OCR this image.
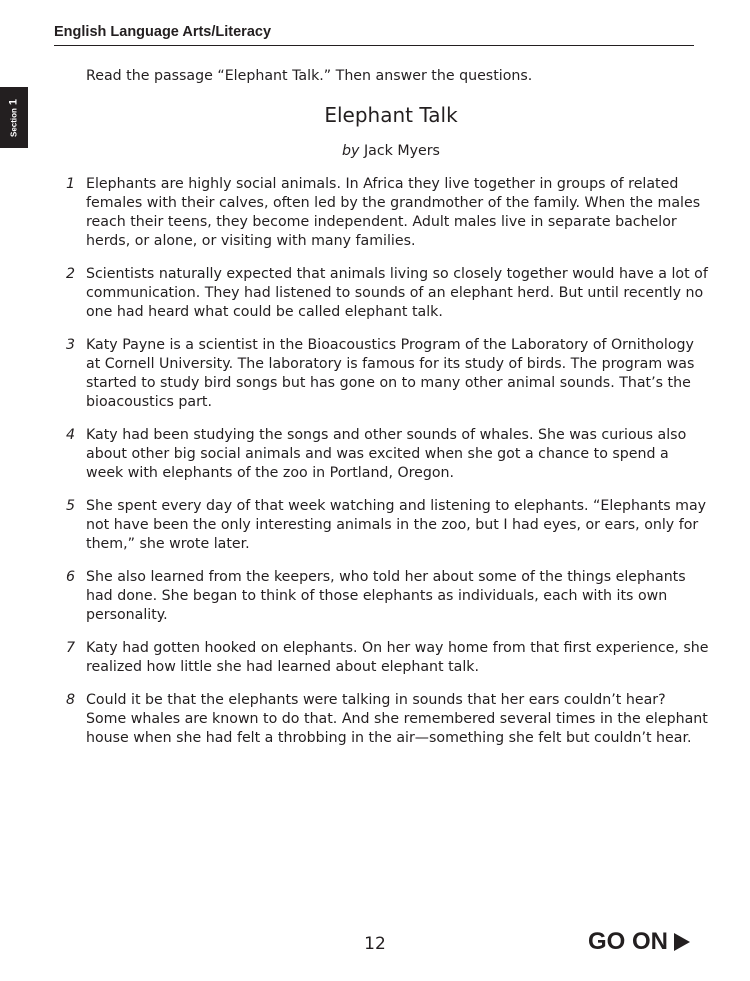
English Language Arts/Literacy
Section1
Read the passage “Elephant Talk.” Then answer the questions.
Elephant Talk
by Jack Myers
1 Elephants are highly social animals. In Africa they live together in groups of related females with their calves, often led by the grandmother of the family. When the males reach their teens, they become independent. Adult males live in separate bachelor herds, or alone, or visiting with many families.
2 Scientists naturally expected that animals living so closely together would have a lot of communication. They had listened to sounds of an elephant herd. But until recently no one had heard what could be called elephant talk.
3 Katy Payne is a scientist in the Bioacoustics Program of the Laboratory of Ornithology at Cornell University. The laboratory is famous for its study of birds. The program was started to study bird songs but has gone on to many other animal sounds. That’s the bioacoustics part.
4 Katy had been studying the songs and other sounds of whales. She was curious also about other big social animals and was excited when she got a chance to spend a week with elephants of the zoo in Portland, Oregon.
5 She spent every day of that week watching and listening to elephants. “Elephants may not have been the only interesting animals in the zoo, but I had eyes, or ears, only for them,” she wrote later.
6 She also learned from the keepers, who told her about some of the things elephants had done. She began to think of those elephants as individuals, each with its own personality.
7 Katy had gotten hooked on elephants. On her way home from that first experience, she realized how little she had learned about elephant talk.
8 Could it be that the elephants were talking in sounds that her ears couldn’t hear? Some whales are known to do that. And she remembered several times in the elephant house when she had felt a throbbing in the air—something she felt but couldn’t hear.
12	GO ON
